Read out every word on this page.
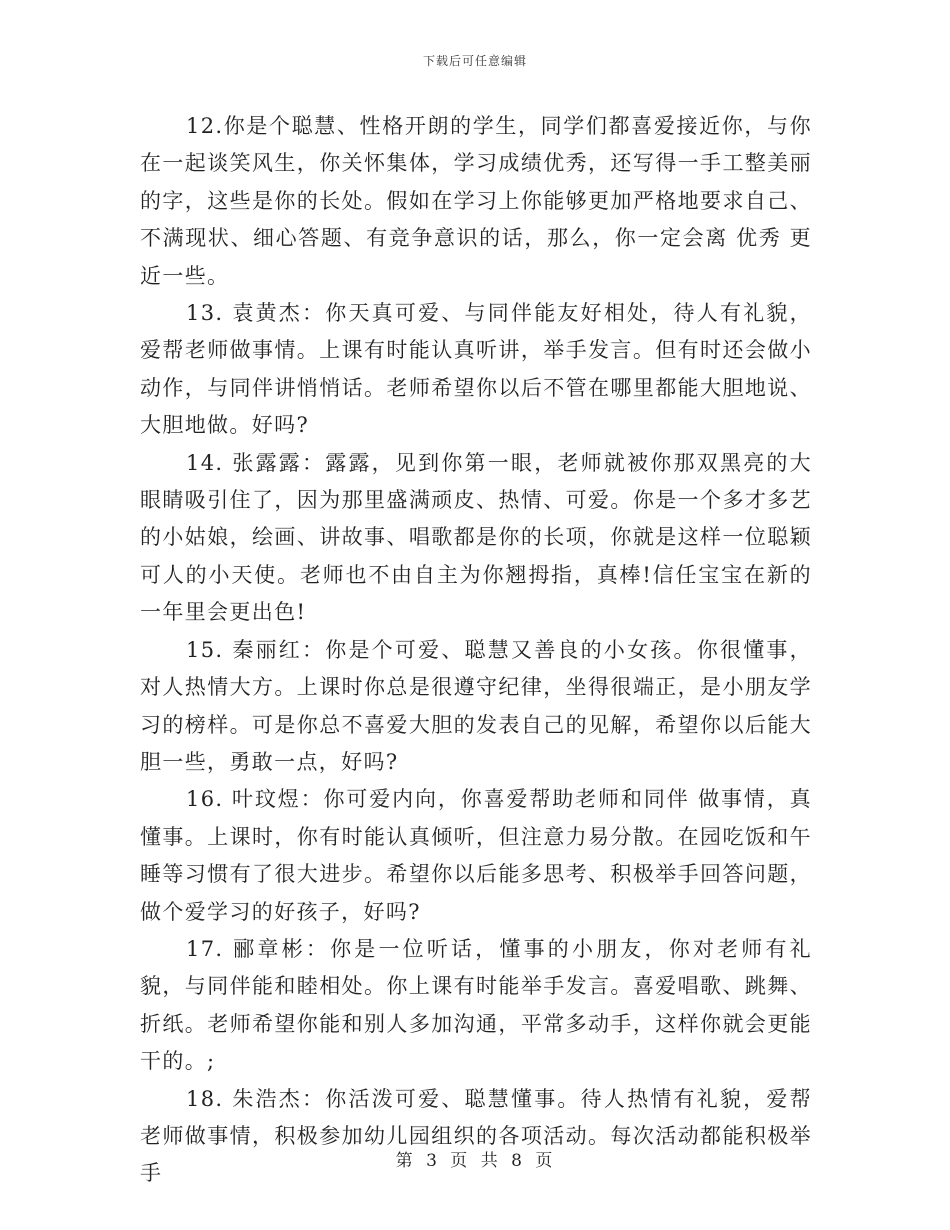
下载后可任意编辑

12.你是个聪慧、性格开朗的学生，同学们都喜爱接近你，与你在一起谈笑风生，你关怀集体，学习成绩优秀，还写得一手工整美丽的字，这些是你的长处。假如在学习上你能够更加严格地要求自己、不满现状、细心答题、有竞争意识的话，那么，你一定会离 优秀 更近一些。

13. 袁黄杰：你天真可爱、与同伴能友好相处，待人有礼貌，爱帮老师做事情。上课有时能认真听讲，举手发言。但有时还会做小动作，与同伴讲悄悄话。老师希望你以后不管在哪里都能大胆地说、大胆地做。好吗?

14. 张露露：露露，见到你第一眼，老师就被你那双黑亮的大眼睛吸引住了，因为那里盛满顽皮、热情、可爱。你是一个多才多艺的小姑娘，绘画、讲故事、唱歌都是你的长项，你就是这样一位聪颖可人的小天使。老师也不由自主为你翘拇指，真棒!信任宝宝在新的一年里会更出色!

15. 秦丽红：你是个可爱、聪慧又善良的小女孩。你很懂事，对人热情大方。上课时你总是很遵守纪律，坐得很端正，是小朋友学习的榜样。可是你总不喜爱大胆的发表自己的见解，希望你以后能大胆一些，勇敢一点，好吗?

16. 叶玟煜：你可爱内向，你喜爱帮助老师和同伴 做事情，真懂事。上课时，你有时能认真倾听，但注意力易分散。在园吃饭和午睡等习惯有了很大进步。希望你以后能多思考、积极举手回答问题，做个爱学习的好孩子，好吗?

17. 郦章彬：你是一位听话，懂事的小朋友，你对老师有礼貌，与同伴能和睦相处。你上课有时能举手发言。喜爱唱歌、跳舞、折纸。老师希望你能和别人多加沟通，平常多动手，这样你就会更能干的。;

18. 朱浩杰：你活泼可爱、聪慧懂事。待人热情有礼貌，爱帮老师做事情，积极参加幼儿园组织的各项活动。每次活动都能积极举手

第 3 页 共 8 页
